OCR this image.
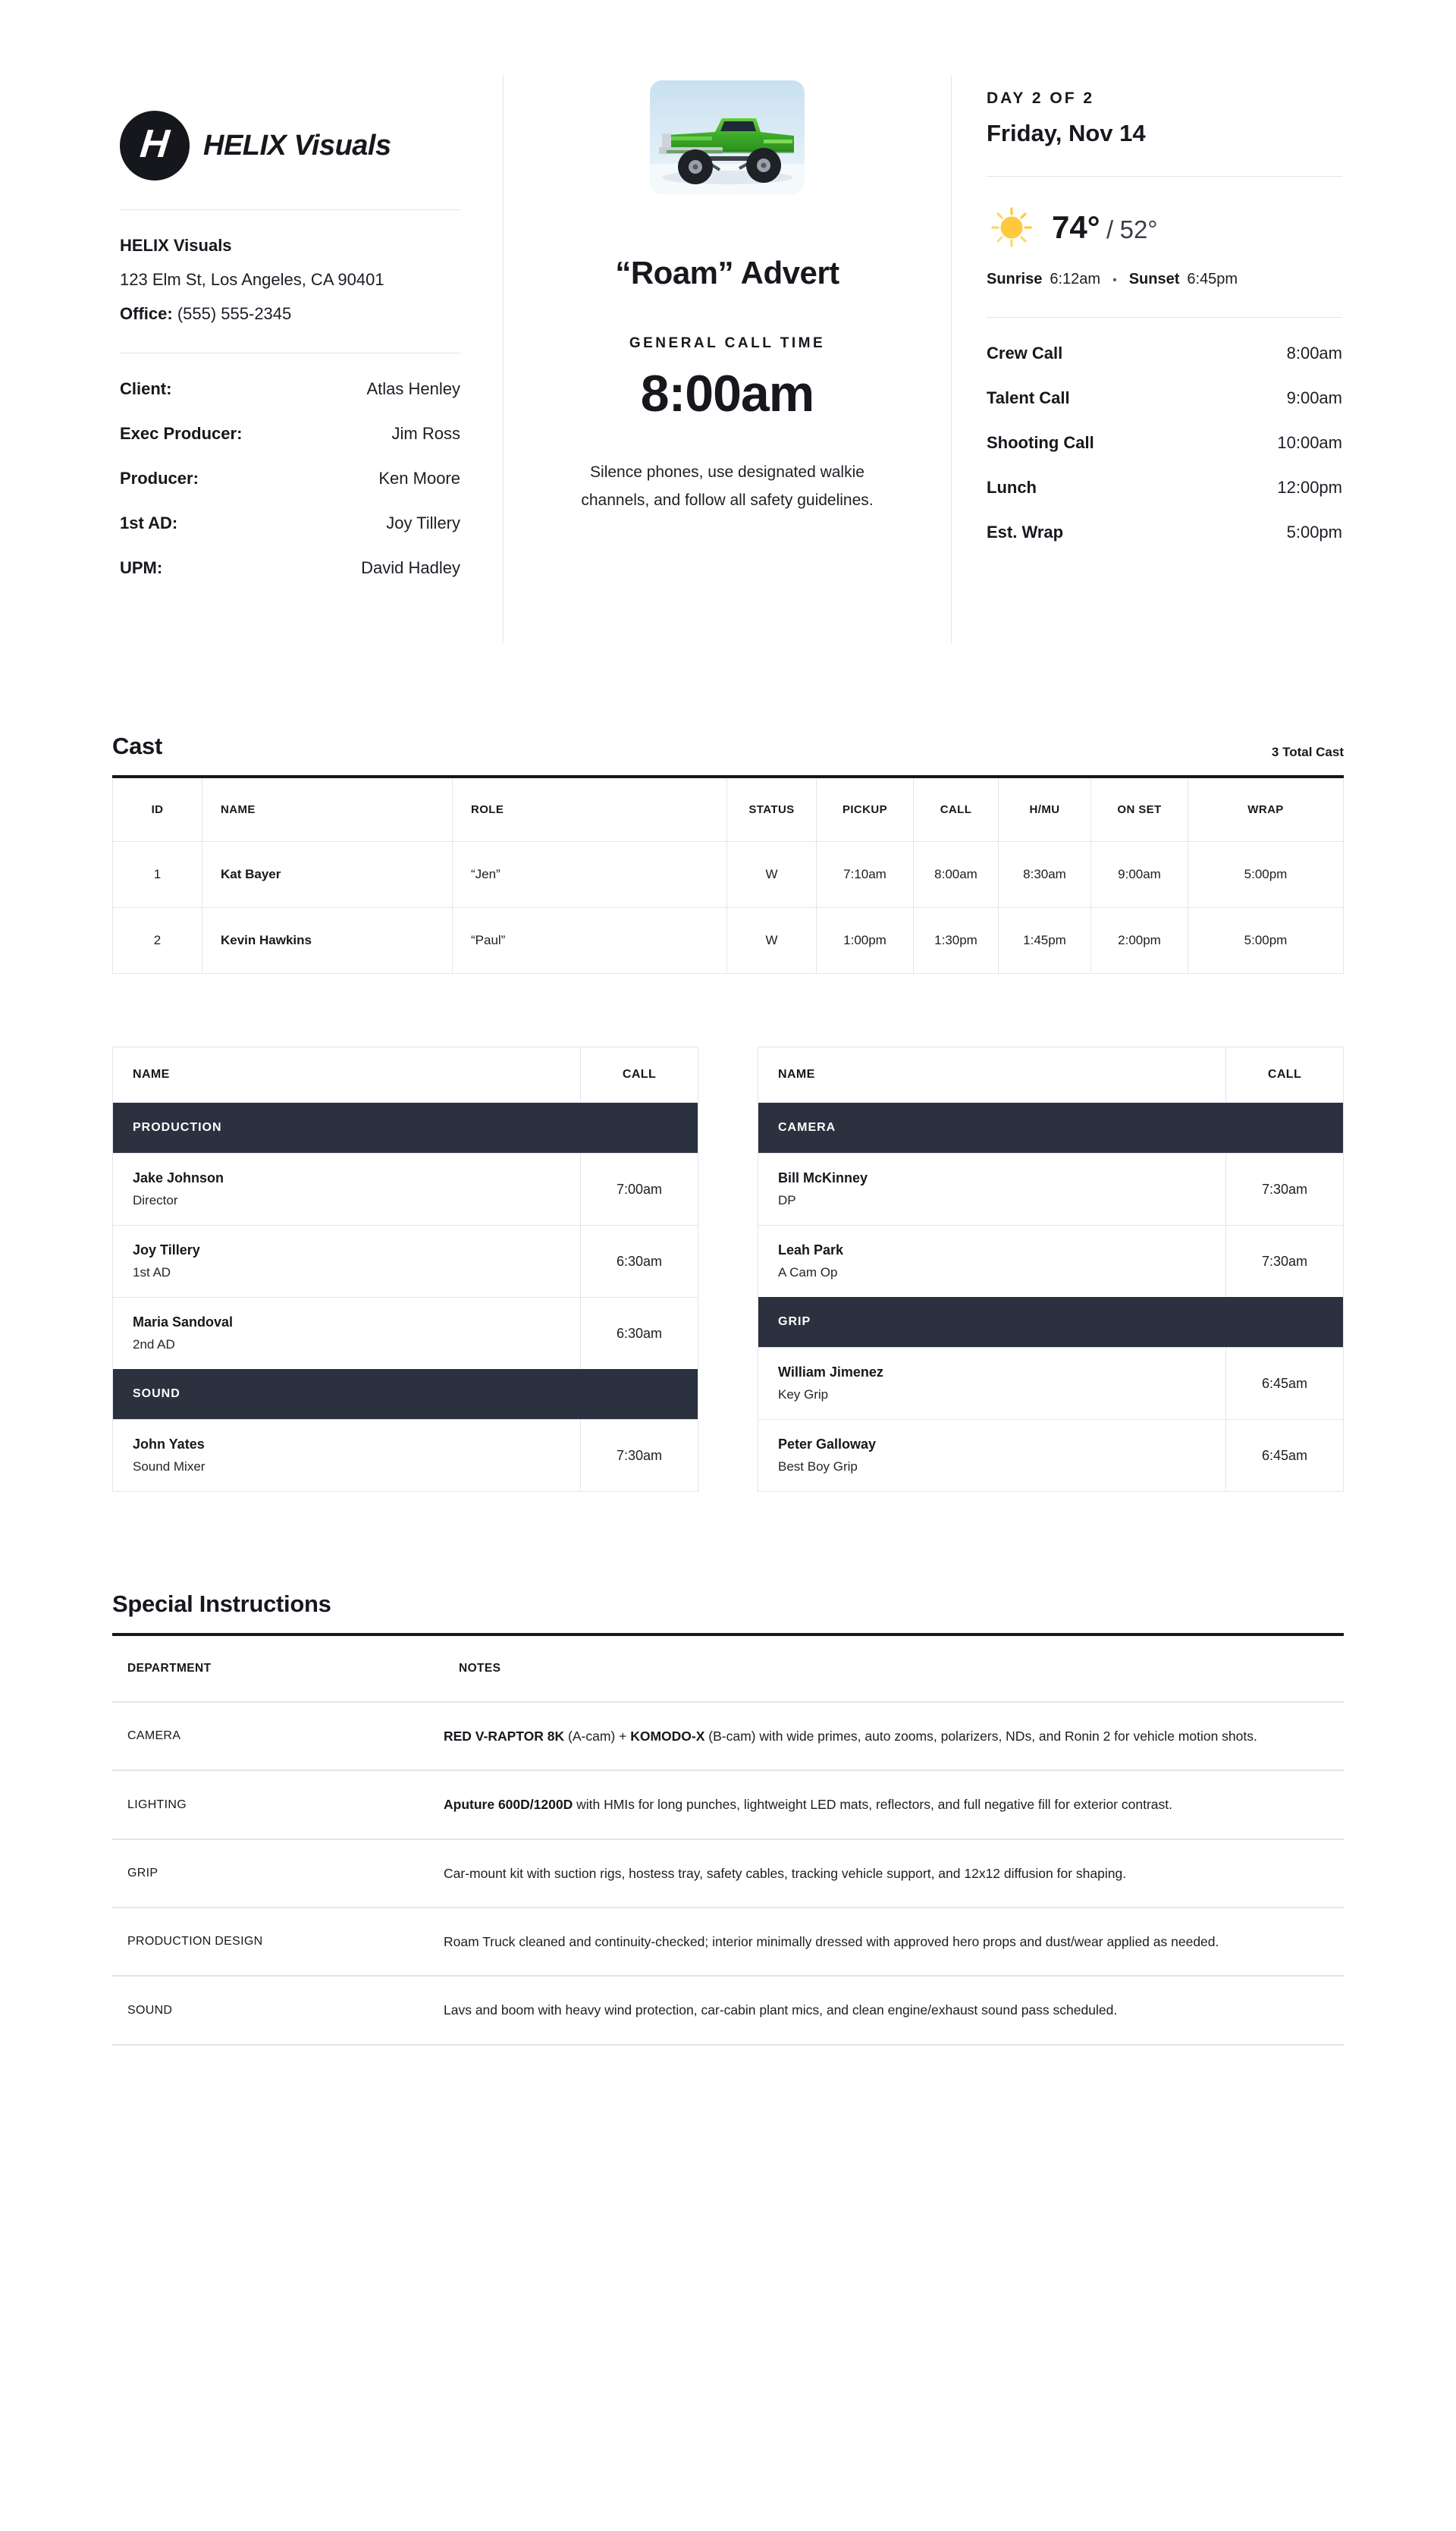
H HELIX Visuals
HELIX Visuals
123 Elm St, Los Angeles, CA 90401
Office: (555) 555-2345
Client:	Atlas Henley
Exec Producer:	Jim Ross
Producer:	Ken Moore
1st AD:	Joy Tillery
UPM:	David Hadley
“Roam” Advert
GENERAL CALL TIME
8:00am

Silence phones, use designated walkie channels, and follow all safety guidelines.

DAY 2 OF 2
Friday, Nov 14
74° / 52°
Sunrise 6:12am	• Sunset 6:45pm
Crew Call	8:00am
Talent Call	9:00am
Shooting Call	10:00am
Lunch	12:00pm
Est. Wrap	5:00pm
Cast	3 Total Cast
ID	NAME	ROLE	STATUS	PICKUP	CALL	H/MU	ON SET	WRAP
1	Kat Bayer	“Jen”	W	7:10am	8:00am	8:30am	9:00am	5:00pm
2	Kevin Hawkins	“Paul”	W	1:00pm	1:30pm	1:45pm	2:00pm	5:00pm
NAME	CALL
PRODUCTION	

Jake Johnson
Director	7:00am

Joy Tillery
1st AD	6:30am

Maria Sandoval
2nd AD	6:30am
SOUND	

John Yates
Sound Mixer	7:30am
NAME	CALL
CAMERA	

Bill McKinney
DP	7:30am

Leah Park
A Cam Op	7:30am
GRIP	

William Jimenez
Key Grip	6:45am

Peter Galloway
Best Boy Grip	6:45am
Special Instructions
DEPARTMENT	NOTES
CAMERA	RED V-RAPTOR 8K (A-cam) + KOMODO-X (B-cam) with wide primes, auto zooms, polarizers, NDs, and Ronin 2 for vehicle motion shots.
LIGHTING	Aputure 600D/1200D with HMIs for long punches, lightweight LED mats, reflectors, and full negative fill for exterior contrast.
GRIP	Car-mount kit with suction rigs, hostess tray, safety cables, tracking vehicle support, and 12x12 diffusion for shaping.
PRODUCTION DESIGN	Roam Truck cleaned and continuity-checked; interior minimally dressed with approved hero props and dust/wear applied as needed.
SOUND	Lavs and boom with heavy wind protection, car-cabin plant mics, and clean engine/exhaust sound pass scheduled.
